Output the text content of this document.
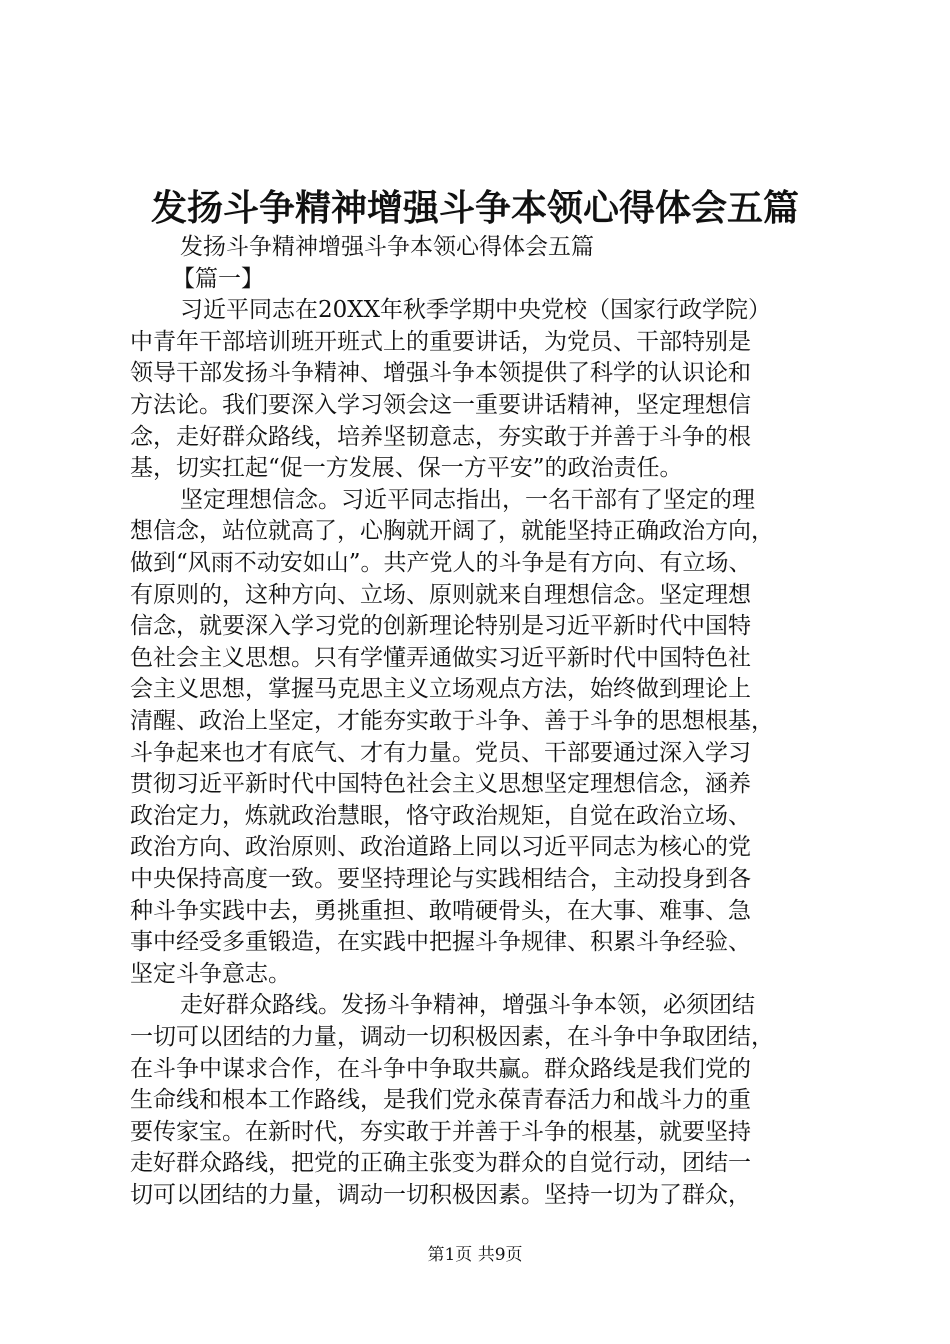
发扬斗争精神增强斗争本领心得体会五篇
发扬斗争精神增强斗争本领心得体会五篇
【篇一】
习近平同志在20XX年秋季学期中央党校（国家行政学院）
中青年干部培训班开班式上的重要讲话，为党员、干部特别是
领导干部发扬斗争精神、增强斗争本领提供了科学的认识论和
方法论。我们要深入学习领会这一重要讲话精神，坚定理想信
念，走好群众路线，培养坚韧意志，夯实敢于并善于斗争的根
基，切实扛起“促一方发展、保一方平安”的政治责任。
坚定理想信念。习近平同志指出，一名干部有了坚定的理
想信念，站位就高了，心胸就开阔了，就能坚持正确政治方向，
做到“风雨不动安如山”。共产党人的斗争是有方向、有立场、
有原则的，这种方向、立场、原则就来自理想信念。坚定理想
信念，就要深入学习党的创新理论特别是习近平新时代中国特
色社会主义思想。只有学懂弄通做实习近平新时代中国特色社
会主义思想，掌握马克思主义立场观点方法，始终做到理论上
清醒、政治上坚定，才能夯实敢于斗争、善于斗争的思想根基，
斗争起来也才有底气、才有力量。党员、干部要通过深入学习
贯彻习近平新时代中国特色社会主义思想坚定理想信念，涵养
政治定力，炼就政治慧眼，恪守政治规矩，自觉在政治立场、
政治方向、政治原则、政治道路上同以习近平同志为核心的党
中央保持高度一致。要坚持理论与实践相结合，主动投身到各
种斗争实践中去，勇挑重担、敢啃硬骨头，在大事、难事、急
事中经受多重锻造，在实践中把握斗争规律、积累斗争经验、
坚定斗争意志。
走好群众路线。发扬斗争精神，增强斗争本领，必须团结
一切可以团结的力量，调动一切积极因素，在斗争中争取团结，
在斗争中谋求合作，在斗争中争取共赢。群众路线是我们党的
生命线和根本工作路线，是我们党永葆青春活力和战斗力的重
要传家宝。在新时代，夯实敢于并善于斗争的根基，就要坚持
走好群众路线，把党的正确主张变为群众的自觉行动，团结一
切可以团结的力量，调动一切积极因素。坚持一切为了群众，
第1页 共9页
